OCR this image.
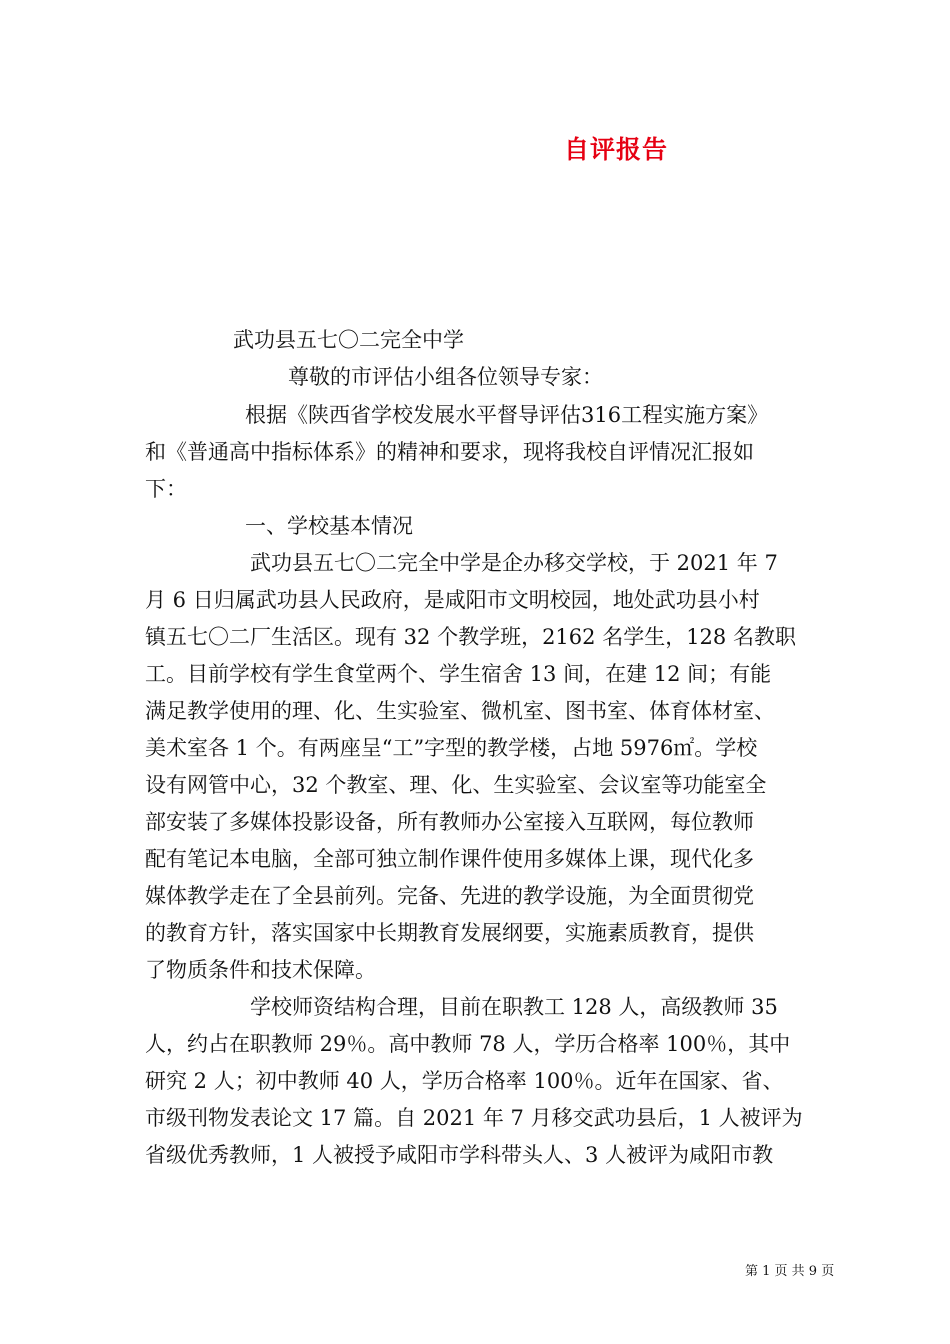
自评报告

武功县五七〇二完全中学

尊敬的市评估小组各位领导专家：

根据《陕西省学校发展水平督导评估316工程实施方案》

和《普通高中指标体系》的精神和要求，现将我校自评情况汇报如

下：

一、学校基本情况

武功县五七〇二完全中学是企办移交学校，于 2021 年 7

月 6 日归属武功县人民政府，是咸阳市文明校园，地处武功县小村

镇五七〇二厂生活区。现有 32 个教学班，2162 名学生，128 名教职

工。目前学校有学生食堂两个、学生宿舍 13 间，在建 12 间；有能

满足教学使用的理、化、生实验室、微机室、图书室、体育体材室、

美术室各 1 个。有两座呈“工”字型的教学楼，占地 5976㎡。学校

设有网管中心，32 个教室、理、化、生实验室、会议室等功能室全

部安装了多媒体投影设备，所有教师办公室接入互联网，每位教师

配有笔记本电脑，全部可独立制作课件使用多媒体上课，现代化多

媒体教学走在了全县前列。完备、先进的教学设施，为全面贯彻党

的教育方针，落实国家中长期教育发展纲要，实施素质教育，提供

了物质条件和技术保障。

学校师资结构合理，目前在职教工 128 人，高级教师 35

人，约占在职教师 29％。高中教师 78 人，学历合格率 100％，其中

研究 2 人；初中教师 40 人，学历合格率 100％。近年在国家、省、

市级刊物发表论文 17 篇。自 2021 年 7 月移交武功县后，1 人被评为

省级优秀教师，1 人被授予咸阳市学科带头人、3 人被评为咸阳市教

第 1 页 共 9 页
